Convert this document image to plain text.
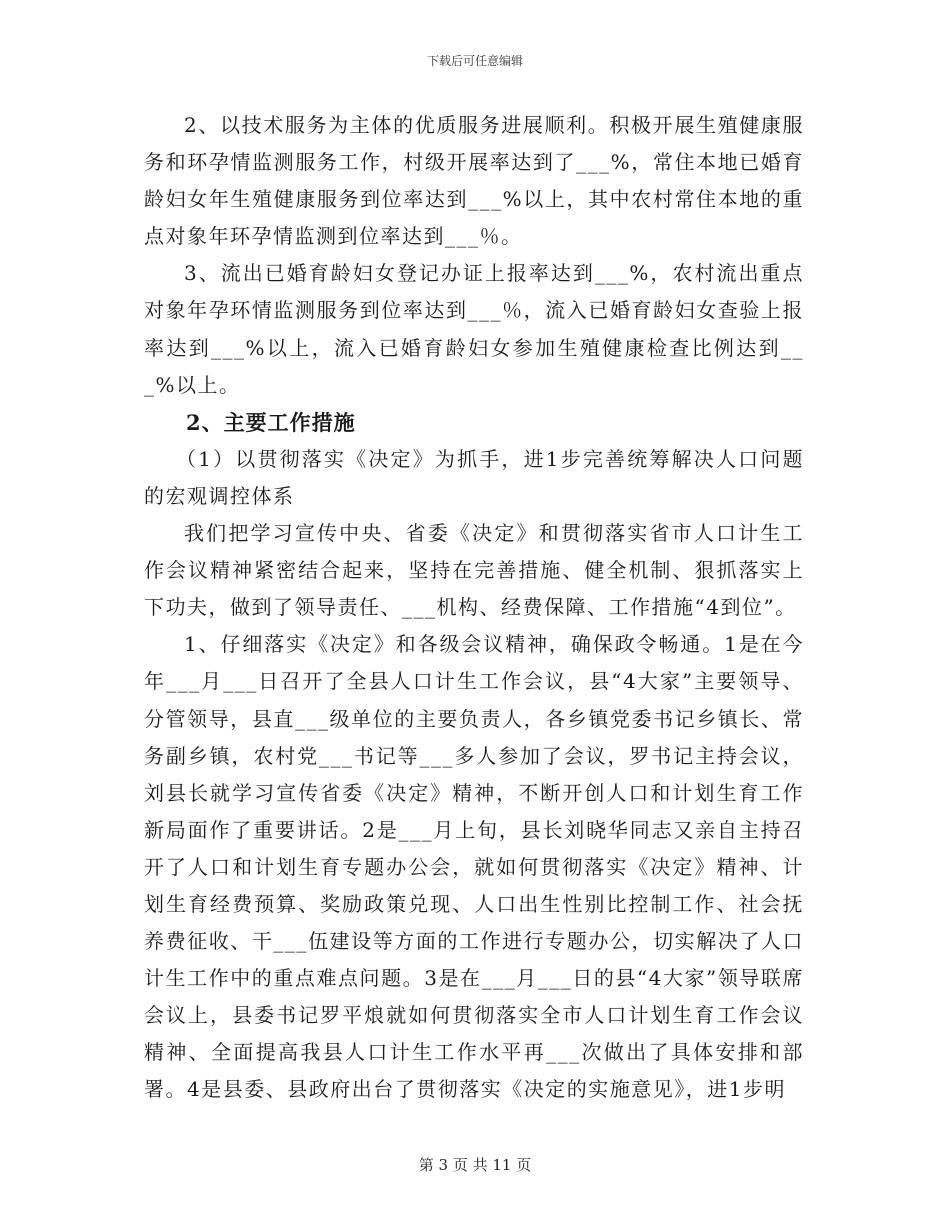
下载后可任意编辑

2、以技术服务为主体的优质服务进展顺利。积极开展生殖健康服务和环孕情监测服务工作，村级开展率达到了___%，常住本地已婚育龄妇女年生殖健康服务到位率达到___%以上，其中农村常住本地的重点对象年环孕情监测到位率达到___％。

3、流出已婚育龄妇女登记办证上报率达到___%，农村流出重点对象年孕环情监测服务到位率达到___％，流入已婚育龄妇女查验上报率达到___%以上，流入已婚育龄妇女参加生殖健康检查比例达到___%以上。

2、主要工作措施

（1）以贯彻落实《决定》为抓手，进1步完善统筹解决人口问题的宏观调控体系

我们把学习宣传中央、省委《决定》和贯彻落实省市人口计生工作会议精神紧密结合起来，坚持在完善措施、健全机制、狠抓落实上下功夫，做到了领导责任、___机构、经费保障、工作措施“4到位”。

1、仔细落实《决定》和各级会议精神，确保政令畅通。1是在今年___月___日召开了全县人口计生工作会议，县“4大家”主要领导、分管领导，县直___级单位的主要负责人，各乡镇党委书记乡镇长、常务副乡镇，农村党___书记等___多人参加了会议，罗书记主持会议，刘县长就学习宣传省委《决定》精神，不断开创人口和计划生育工作新局面作了重要讲话。2是___月上旬，县长刘晓华同志又亲自主持召开了人口和计划生育专题办公会，就如何贯彻落实《决定》精神、计划生育经费预算、奖励政策兑现、人口出生性别比控制工作、社会抚养费征收、干___伍建设等方面的工作进行专题办公，切实解决了人口计生工作中的重点难点问题。3是在___月___日的县“4大家”领导联席会议上，县委书记罗平烺就如何贯彻落实全市人口计划生育工作会议精神、全面提高我县人口计生工作水平再___次做出了具体安排和部署。4是县委、县政府出台了贯彻落实《决定的实施意见》，进1步明

第 3 页 共 11 页
